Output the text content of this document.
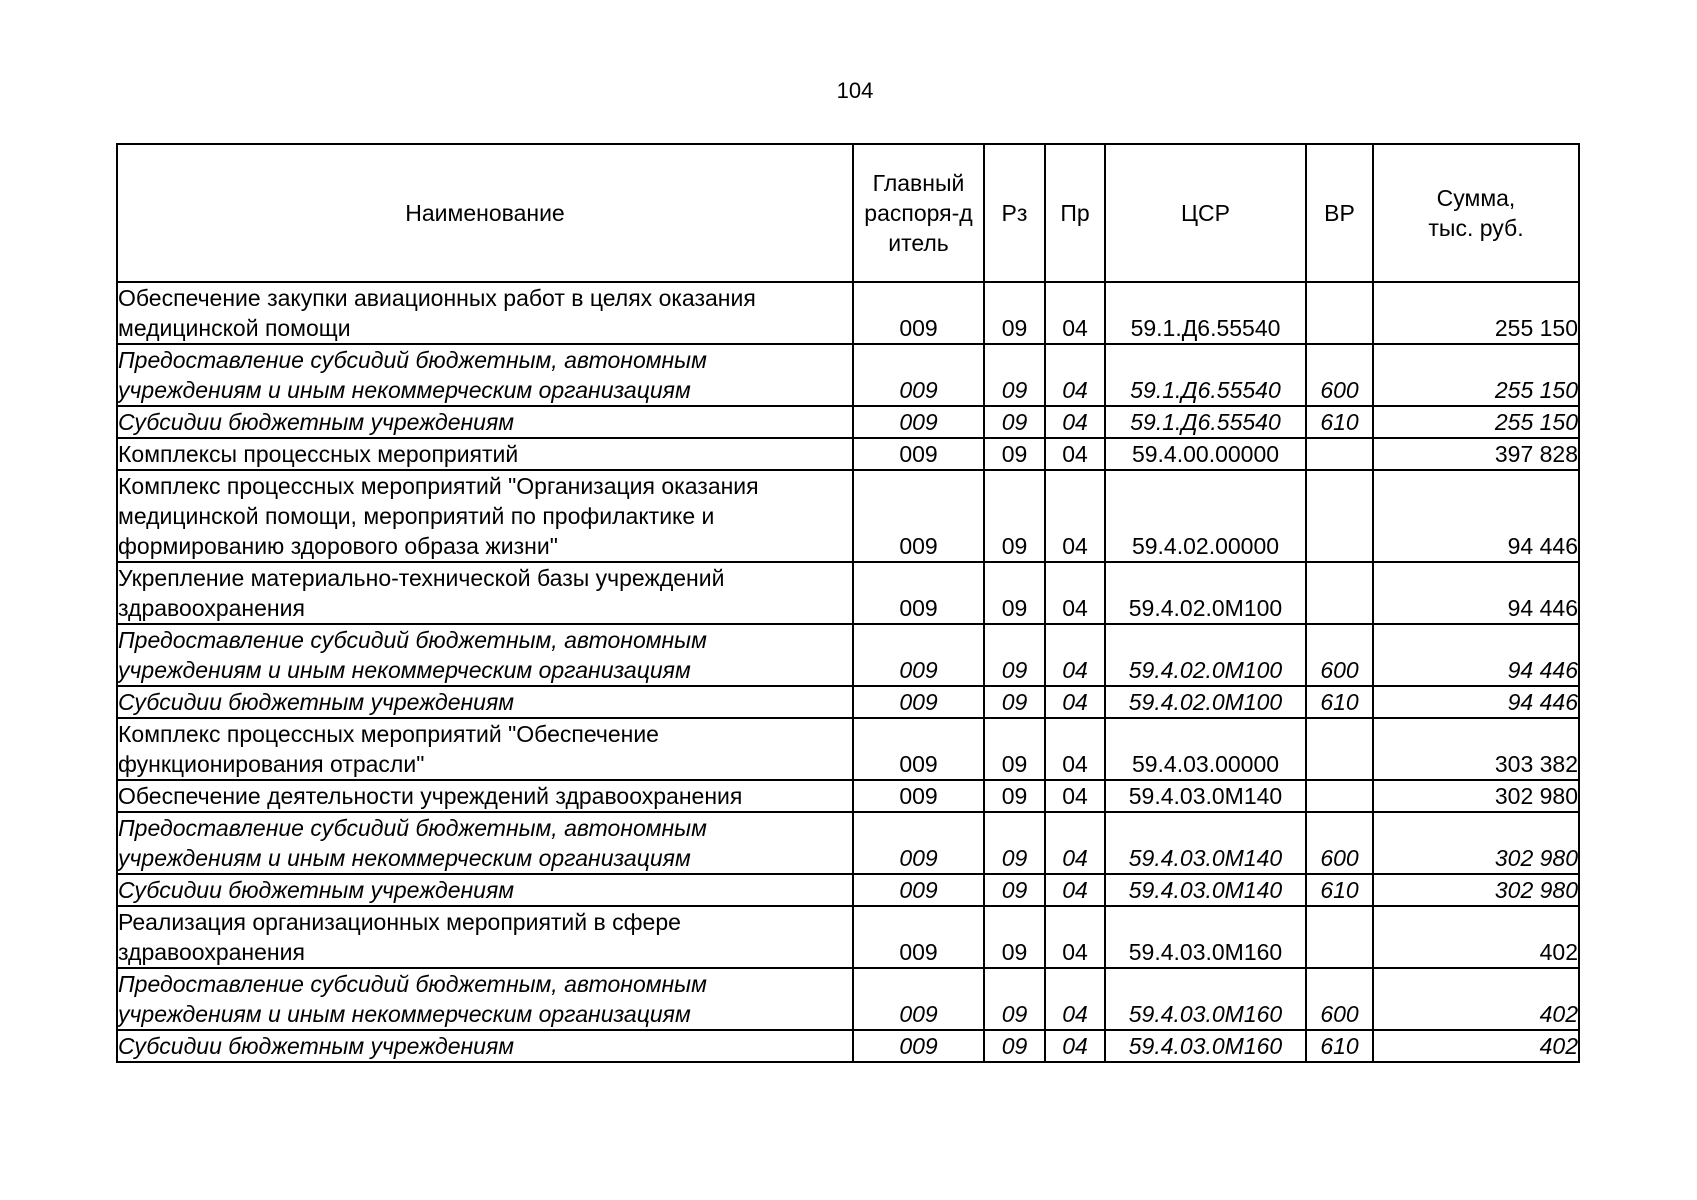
104
Наименование	Главный распоря-дитель	Рз	Пр	ЦСР	ВР	Сумма, тыс. руб.
Обеспечение закупки авиационных работ в целях оказания медицинской помощи	009	09	04	59.1.Д6.55540		255 150
Предоставление субсидий бюджетным, автономным учреждениям и иным некоммерческим организациям	009	09	04	59.1.Д6.55540	600	255 150
Субсидии бюджетным учреждениям	009	09	04	59.1.Д6.55540	610	255 150
Комплексы процессных мероприятий	009	09	04	59.4.00.00000		397 828
Комплекс процессных мероприятий "Организация оказания медицинской помощи, мероприятий по профилактике и формированию здорового образа жизни"	009	09	04	59.4.02.00000		94 446
Укрепление материально-технической базы учреждений здравоохранения	009	09	04	59.4.02.0М100		94 446
Предоставление субсидий бюджетным, автономным учреждениям и иным некоммерческим организациям	009	09	04	59.4.02.0М100	600	94 446
Субсидии бюджетным учреждениям	009	09	04	59.4.02.0М100	610	94 446
Комплекс процессных мероприятий "Обеспечение функционирования отрасли"	009	09	04	59.4.03.00000		303 382
Обеспечение деятельности учреждений здравоохранения	009	09	04	59.4.03.0М140		302 980
Предоставление субсидий бюджетным, автономным учреждениям и иным некоммерческим организациям	009	09	04	59.4.03.0М140	600	302 980
Субсидии бюджетным учреждениям	009	09	04	59.4.03.0М140	610	302 980
Реализация организационных мероприятий в сфере здравоохранения	009	09	04	59.4.03.0М160		402
Предоставление субсидий бюджетным, автономным учреждениям и иным некоммерческим организациям	009	09	04	59.4.03.0М160	600	402
Субсидии бюджетным учреждениям	009	09	04	59.4.03.0М160	610	402
